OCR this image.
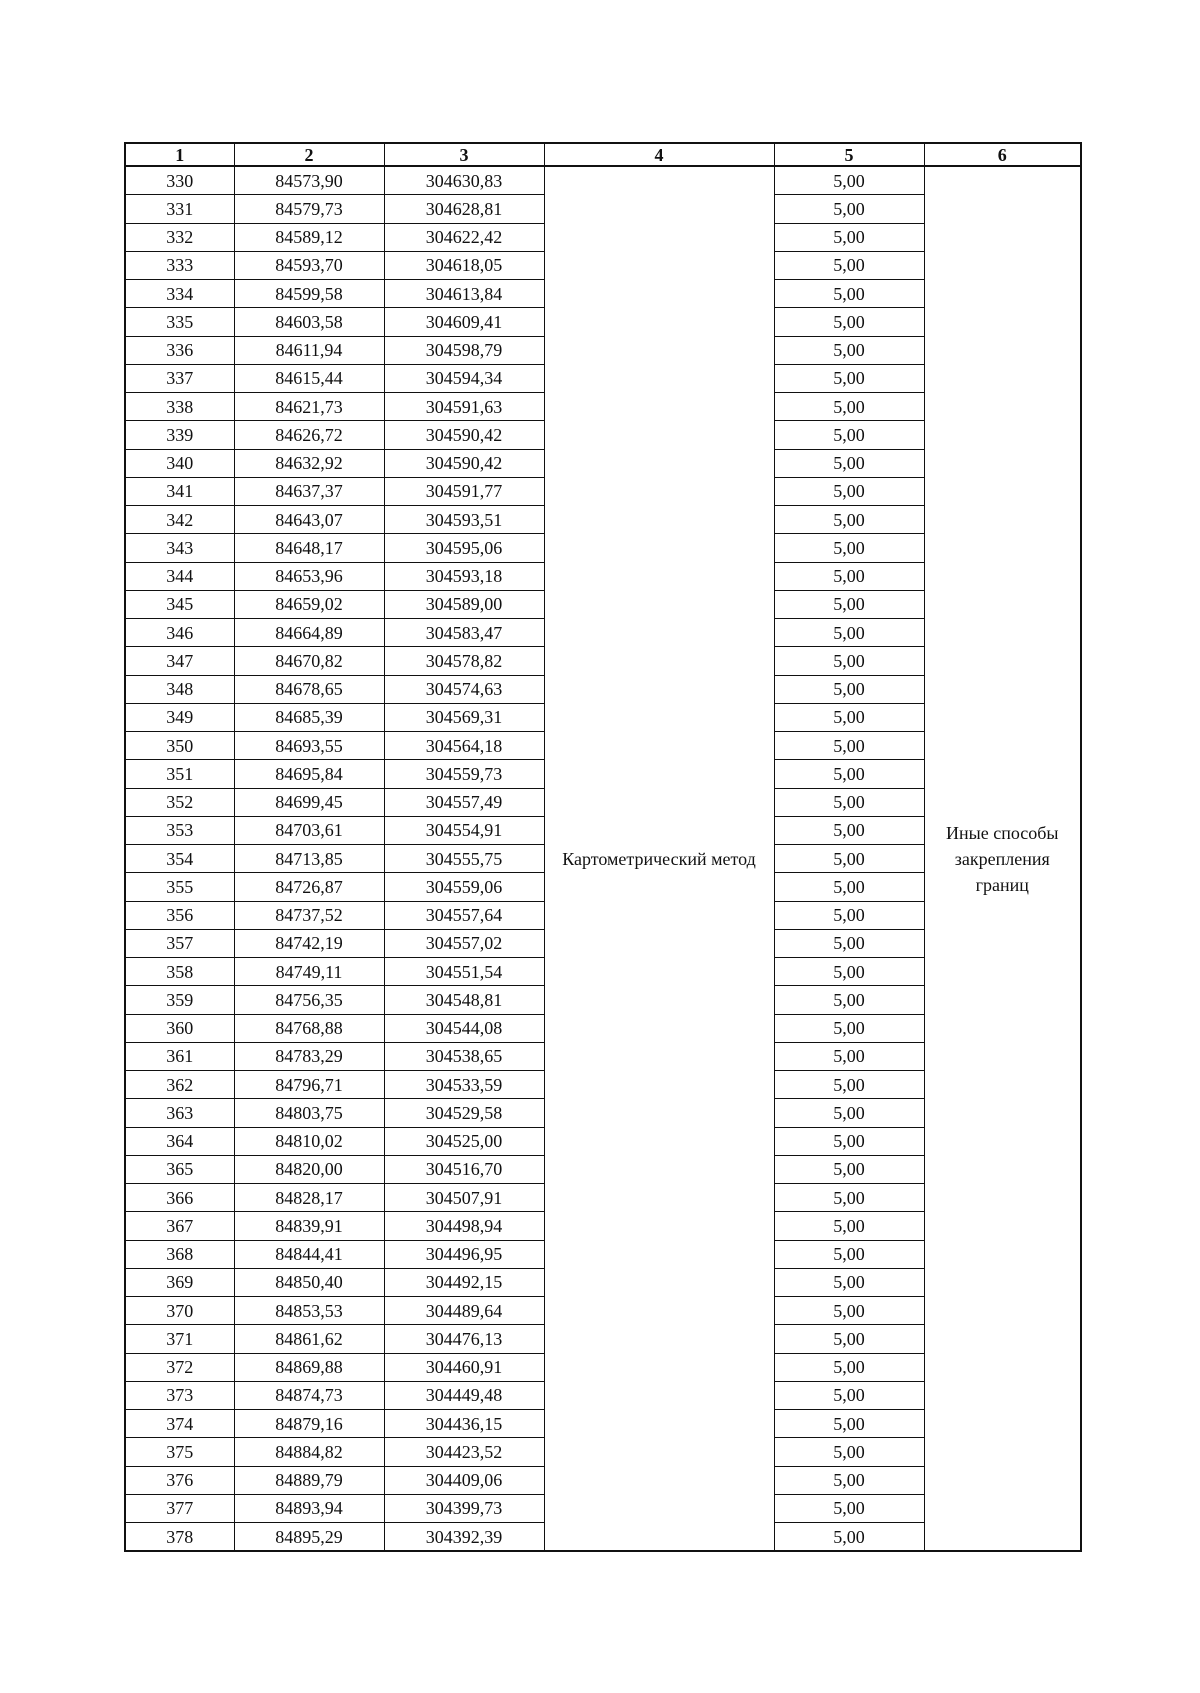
1	2	3	4	5	6
330	84573,90	304630,83	Картометрический метод	5,00	Иные способы закрепления границ
331	84579,73	304628,81		5,00	
332	84589,12	304622,42		5,00	
333	84593,70	304618,05		5,00	
334	84599,58	304613,84		5,00	
335	84603,58	304609,41		5,00	
336	84611,94	304598,79		5,00	
337	84615,44	304594,34		5,00	
338	84621,73	304591,63		5,00	
339	84626,72	304590,42		5,00	
340	84632,92	304590,42		5,00	
341	84637,37	304591,77		5,00	
342	84643,07	304593,51		5,00	
343	84648,17	304595,06		5,00	
344	84653,96	304593,18		5,00	
345	84659,02	304589,00		5,00	
346	84664,89	304583,47		5,00	
347	84670,82	304578,82		5,00	
348	84678,65	304574,63		5,00	
349	84685,39	304569,31		5,00	
350	84693,55	304564,18		5,00	
351	84695,84	304559,73		5,00	
352	84699,45	304557,49		5,00	
353	84703,61	304554,91		5,00	
354	84713,85	304555,75		5,00	
355	84726,87	304559,06		5,00	
356	84737,52	304557,64		5,00	
357	84742,19	304557,02		5,00	
358	84749,11	304551,54		5,00	
359	84756,35	304548,81		5,00	
360	84768,88	304544,08		5,00	
361	84783,29	304538,65		5,00	
362	84796,71	304533,59		5,00	
363	84803,75	304529,58		5,00	
364	84810,02	304525,00		5,00	
365	84820,00	304516,70		5,00	
366	84828,17	304507,91		5,00	
367	84839,91	304498,94		5,00	
368	84844,41	304496,95		5,00	
369	84850,40	304492,15		5,00	
370	84853,53	304489,64		5,00	
371	84861,62	304476,13		5,00	
372	84869,88	304460,91		5,00	
373	84874,73	304449,48		5,00	
374	84879,16	304436,15		5,00	
375	84884,82	304423,52		5,00	
376	84889,79	304409,06		5,00	
377	84893,94	304399,73		5,00	
378	84895,29	304392,39		5,00	
